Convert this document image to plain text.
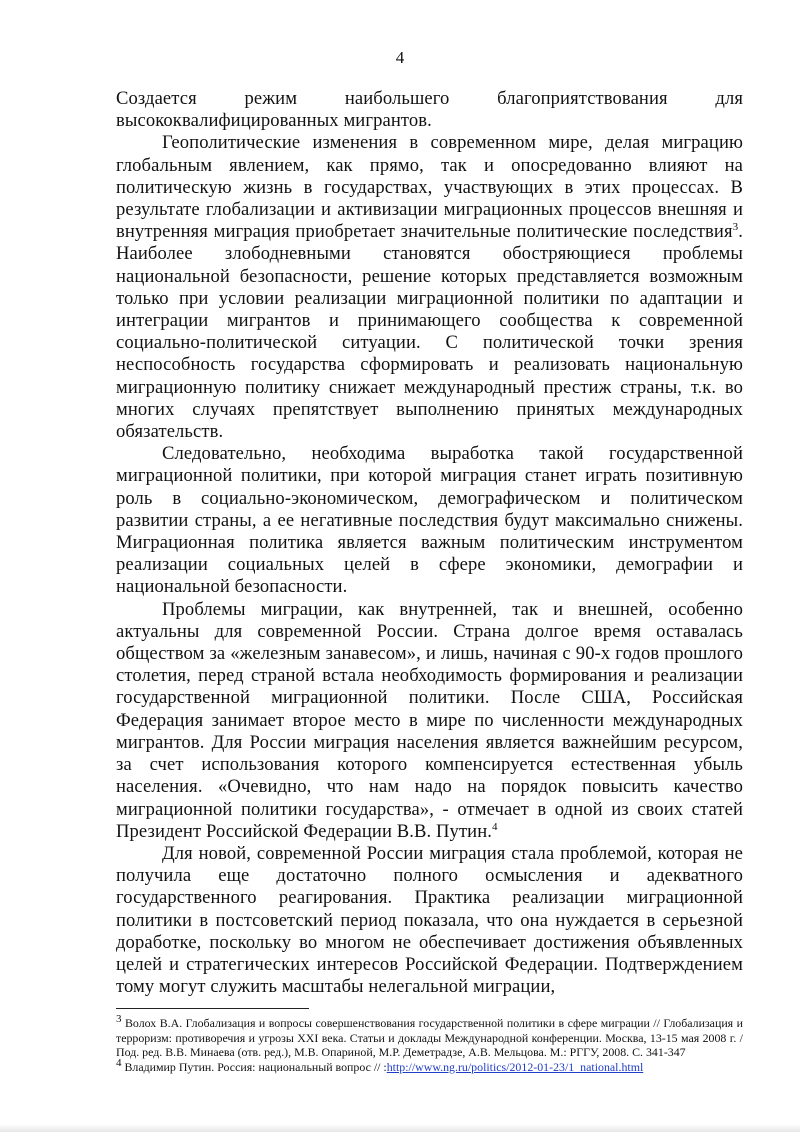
4

Создается режим наибольшего благоприятствования для высококвалифицированных мигрантов.

Геополитические изменения в современном мире, делая миграцию глобальным явлением, как прямо, так и опосредованно влияют на политическую жизнь в государствах, участвующих в этих процессах. В результате глобализации и активизации миграционных процессов внешняя и внутренняя миграция приобретает значительные политические последствия$^3$. Наиболее злободневными становятся обостряющиеся проблемы национальной безопасности, решение которых представляется возможным только при условии реализации миграционной политики по адаптации и интеграции мигрантов и принимающего сообщества к современной социально-политической ситуации. С политической точки зрения неспособность государства сформировать и реализовать национальную миграционную политику снижает международный престиж страны, т.к. во многих случаях препятствует выполнению принятых международных обязательств.

Следовательно, необходима выработка такой государственной миграционной политики, при которой миграция станет играть позитивную роль в социально-экономическом, демографическом и политическом развитии страны, а ее негативные последствия будут максимально снижены. Миграционная политика является важным политическим инструментом реализации социальных целей в сфере экономики, демографии и национальной безопасности.

Проблемы миграции, как внутренней, так и внешней, особенно актуальны для современной России. Страна долгое время оставалась обществом за «железным занавесом», и лишь, начиная с 90-х годов прошлого столетия, перед страной встала необходимость формирования и реализации государственной миграционной политики. После США, Российская Федерация занимает второе место в мире по численности международных мигрантов. Для России миграция населения является важнейшим ресурсом, за счет использования которого компенсируется естественная убыль населения. «Очевидно, что нам надо на порядок повысить качество миграционной политики государства», - отмечает в одной из своих статей Президент Российской Федерации В.В. Путин.$^4$

Для новой, современной России миграция стала проблемой, которая не получила еще достаточно полного осмысления и адекватного государственного реагирования. Практика реализации миграционной политики в постсоветский период показала, что она нуждается в серьезной доработке, поскольку во многом не обеспечивает достижения объявленных целей и стратегических интересов Российской Федерации. Подтверждением тому могут служить масштабы нелегальной миграции,

$^3$ Волох В.А. Глобализация и вопросы совершенствования государственной политики в сфере миграции // Глобализация и терроризм: противоречия и угрозы XXI века. Статьи и доклады Международной конференции. Москва, 13-15 мая 2008 г. / Под. ред. В.В. Минаева (отв. ред.), М.В. Опариной, М.Р. Деметрадзе, А.В. Мельцова. М.: РГГУ, 2008. С. 341-347

$^4$ Владимир Путин. Россия: национальный вопрос // :http://www.ng.ru/politics/2012-01-23/1_national.html
